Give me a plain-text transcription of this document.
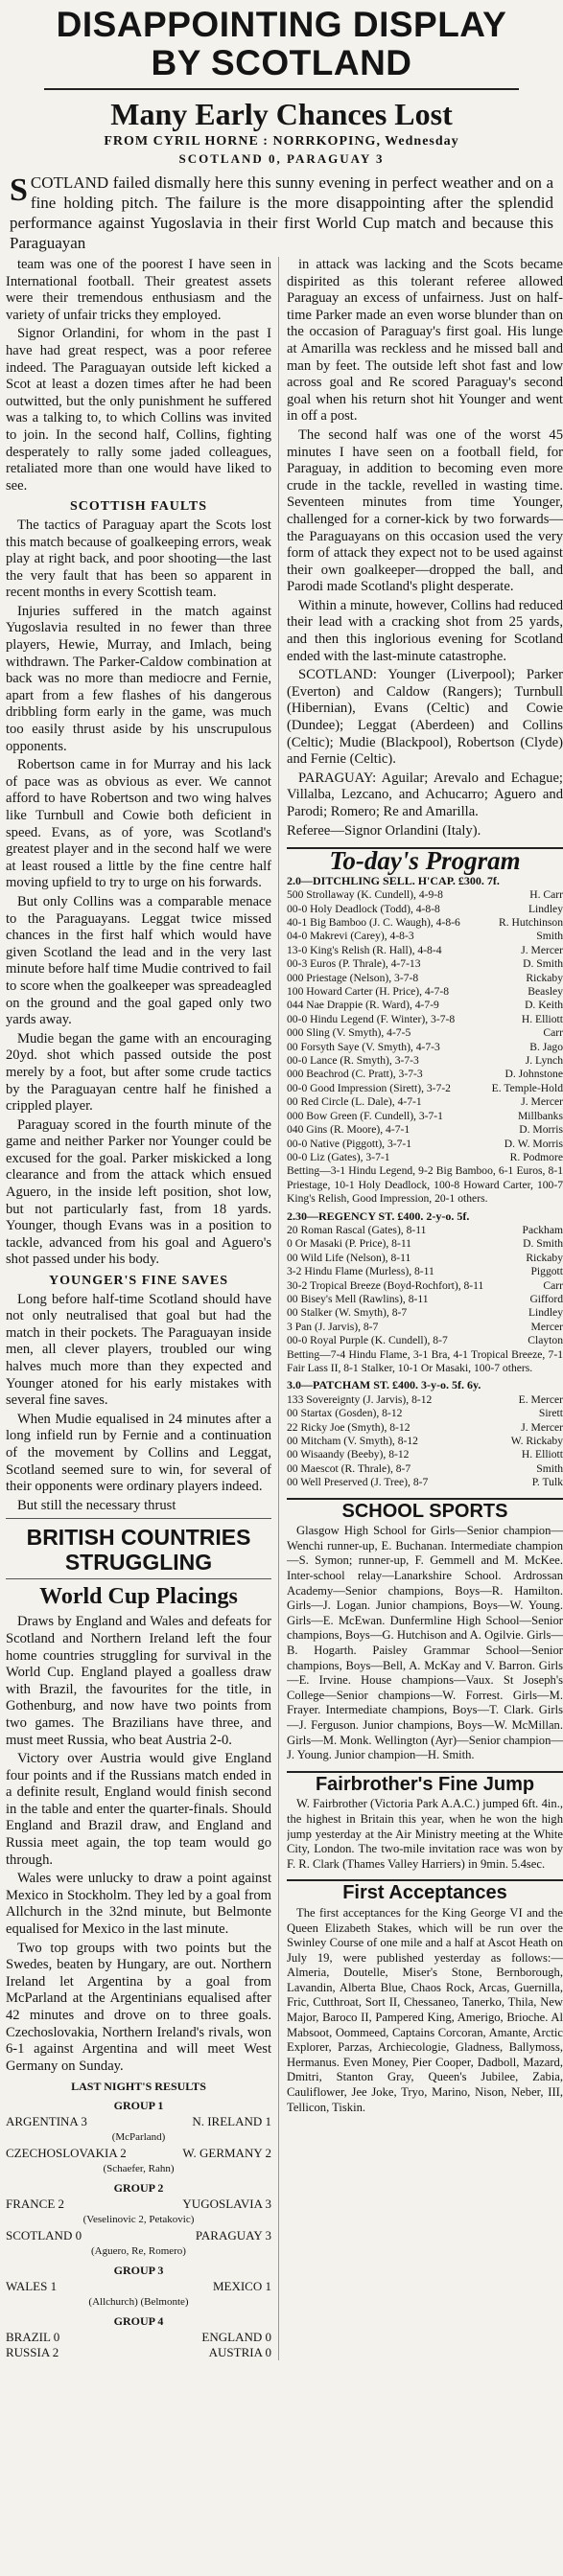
DISAPPOINTING DISPLAY
BY SCOTLAND
Many Early Chances Lost
FROM CYRIL HORNE : NORRKOPING, Wednesday
SCOTLAND 0, PARAGUAY 3
SCOTLAND failed dismally here this sunny evening in perfect weather and on a fine holding pitch. The failure is the more disappointing after the splendid performance against Yugoslavia in their first World Cup match and because this Paraguayan

team was one of the poorest I have seen in International football. Their greatest assets were their tremendous enthusiasm and the variety of unfair tricks they employed.

Signor Orlandini, for whom in the past I have had great respect, was a poor referee indeed. The Paraguayan outside left kicked a Scot at least a dozen times after he had been outwitted, but the only punishment he suffered was a talking to, to which Collins was invited to join. In the second half, Collins, fighting desperately to rally some jaded colleagues, retaliated more than one would have liked to see.

SCOTTISH FAULTS

The tactics of Paraguay apart the Scots lost this match because of goalkeeping errors, weak play at right back, and poor shooting—the last the very fault that has been so apparent in recent months in every Scottish team.

Injuries suffered in the match against Yugoslavia resulted in no fewer than three players, Hewie, Murray, and Imlach, being withdrawn. The Parker-Caldow combination at back was no more than mediocre and Fernie, apart from a few flashes of his dangerous dribbling form early in the game, was much too easily thrust aside by his unscrupulous opponents.

Robertson came in for Murray and his lack of pace was as obvious as ever. We cannot afford to have Robertson and two wing halves like Turnbull and Cowie both deficient in speed. Evans, as of yore, was Scotland's greatest player and in the second half we were at least roused a little by the fine centre half moving upfield to try to urge on his forwards.

But only Collins was a comparable menace to the Paraguayans. Leggat twice missed chances in the first half which would have given Scotland the lead and in the very last minute before half time Mudie contrived to fail to score when the goalkeeper was spreadeagled on the ground and the goal gaped only two yards away.

Mudie began the game with an encouraging 20yd. shot which passed outside the post merely by a foot, but after some crude tactics by the Paraguayan centre half he finished a crippled player.

Paraguay scored in the fourth minute of the game and neither Parker nor Younger could be excused for the goal. Parker miskicked a long clearance and from the attack which ensued Aguero, in the inside left position, shot low, but not particularly fast, from 18 yards. Younger, though Evans was in a position to tackle, advanced from his goal and Aguero's shot passed under his body.

YOUNGER'S FINE SAVES

Long before half-time Scotland should have not only neutralised that goal but had the match in their pockets. The Paraguayan inside men, all clever players, troubled our wing halves much more than they expected and Younger atoned for his early mistakes with several fine saves.

When Mudie equalised in 24 minutes after a long infield run by Fernie and a continuation of the movement by Collins and Leggat, Scotland seemed sure to win, for several of their opponents were ordinary players indeed.

But still the necessary thrust

BRITISH COUNTRIES STRUGGLING
World Cup Placings

Draws by England and Wales and defeats for Scotland and Northern Ireland left the four home countries struggling for survival in the World Cup. England played a goalless draw with Brazil, the favourites for the title, in Gothenburg, and now have two points from two games. The Brazilians have three, and must meet Russia, who beat Austria 2-0.

Victory over Austria would give England four points and if the Russians match ended in a definite result, England would finish second in the table and enter the quarter-finals. Should England and Brazil draw, and England and Russia meet again, the top team would go through.

Wales were unlucky to draw a point against Mexico in Stockholm. They led by a goal from Allchurch in the 32nd minute, but Belmonte equalised for Mexico in the last minute.

Two top groups with two points but the Swedes, beaten by Hungary, are out. Northern Ireland let Argentina by a goal from McParland at the Argentinians equalised after 42 minutes and drove on to three goals. Czechoslovakia, Northern Ireland's rivals, won 6-1 against Argentina and will meet West Germany on Sunday.

LAST NIGHT'S RESULTS
GROUP 1
ARGENTINA 3	N. IRELAND 1
(McParland)
CZECHOSLOVAKIA 2	W. GERMANY 2
(Schaefer, Rahn)
GROUP 2
FRANCE 2	YUGOSLAVIA 3
(Veselinovic 2, Petakovic)
SCOTLAND 0	PARAGUAY 3
(Aguero, Re, Romero)
GROUP 3
WALES 1	MEXICO 1
(Allchurch) (Belmonte)
GROUP 4
BRAZIL 0	ENGLAND 0
RUSSIA 2	AUSTRIA 0

in attack was lacking and the Scots became dispirited as this tolerant referee allowed Paraguay an excess of unfairness. Just on half-time Parker made an even worse blunder than on the occasion of Paraguay's first goal. His lunge at Amarilla was reckless and he missed ball and man by feet. The outside left shot fast and low across goal and Re scored Paraguay's second goal when his return shot hit Younger and went in off a post.

The second half was one of the worst 45 minutes I have seen on a football field, for Paraguay, in addition to becoming even more crude in the tackle, revelled in wasting time. Seventeen minutes from time Younger, challenged for a corner-kick by two forwards—the Paraguayans on this occasion used the very form of attack they expect not to be used against their own goalkeeper—dropped the ball, and Parodi made Scotland's plight desperate.

Within a minute, however, Collins had reduced their lead with a cracking shot from 25 yards, and then this inglorious evening for Scotland ended with the last-minute catastrophe.

SCOTLAND: Younger (Liverpool); Parker (Everton) and Caldow (Rangers); Turnbull (Hibernian), Evans (Celtic) and Cowie (Dundee); Leggat (Aberdeen) and Collins (Celtic); Mudie (Blackpool), Robertson (Clyde) and Fernie (Celtic).

PARAGUAY: Aguilar; Arevalo and Echague; Villalba, Lezcano, and Achucarro; Aguero and Parodi; Romero; Re and Amarilla.

Referee—Signor Orlandini (Italy).

To-day's Program
2.0—DITCHLING SELL. H'CAP. £300. 7f.
500 Strollaway (K. Cundell), 4-9-8	H. Carr
00-0 Holy Deadlock (Todd), 4-8-8	Lindley
40-1 Big Bamboo (J. C. Waugh), 4-8-6	R. Hutchinson
04-0 Makrevi (Carey), 4-8-3	Smith
13-0 King's Relish (R. Hall), 4-8-4	J. Mercer
00-3 Euros (P. Thrale), 4-7-13	D. Smith
000 Priestage (Nelson), 3-7-8	Rickaby
100 Howard Carter (H. Price), 4-7-8	Beasley
044 Nae Drappie (R. Ward), 4-7-9	D. Keith
00-0 Hindu Legend (F. Winter), 3-7-8	H. Elliott
000 Sling (V. Smyth), 4-7-5	Carr
00 Forsyth Saye (V. Smyth), 4-7-3	B. Jago
00-0 Lance (R. Smyth), 3-7-3	J. Lynch
000 Beachrod (C. Pratt), 3-7-3	D. Johnstone
00-0 Good Impression (Sirett), 3-7-2	E. Temple-Hold
00 Red Circle (L. Dale), 4-7-1	J. Mercer
000 Bow Green (F. Cundell), 3-7-1	Millbanks
040 Gins (R. Moore), 4-7-1	D. Morris
00-0 Native (Piggott), 3-7-1	D. W. Morris
00-0 Liz (Gates), 3-7-1	R. Podmore
Betting—3-1 Hindu Legend, 9-2 Big Bamboo, 6-1 Euros, 8-1 Priestage, 10-1 Holy Deadlock, 100-8 Howard Carter, 100-7 King's Relish, Good Impression, 20-1 others.
2.30—REGENCY ST. £400. 2-y-o. 5f.
20 Roman Rascal (Gates), 8-11	Packham
0 Or Masaki (P. Price), 8-11	D. Smith
00 Wild Life (Nelson), 8-11	Rickaby
3-2 Hindu Flame (Murless), 8-11	Piggott
30-2 Tropical Breeze (Boyd-Rochfort), 8-11	Carr
00 Bisey's Mell (Rawlins), 8-11	Gifford
00 Stalker (W. Smyth), 8-7	Lindley
3 Pan (J. Jarvis), 8-7	Mercer
00-0 Royal Purple (K. Cundell), 8-7	Clayton
Betting—7-4 Hindu Flame, 3-1 Bra, 4-1 Tropical Breeze, 7-1 Fair Lass II, 8-1 Stalker, 10-1 Or Masaki, 100-7 others.
3.0—PATCHAM ST. £400. 3-y-o. 5f. 6y.
133 Sovereignty (J. Jarvis), 8-12	E. Mercer
00 Startax (Gosden), 8-12	Sirett
22 Ricky Joe (Smyth), 8-12	J. Mercer
00 Mitcham (V. Smyth), 8-12	W. Rickaby
00 Wisaandy (Beeby), 8-12	H. Elliott
00 Maescot (R. Thrale), 8-7	Smith
00 Well Preserved (J. Tree), 8-7	P. Tulk
SCHOOL SPORTS

Glasgow High School for Girls—Senior champion—Wenchi runner-up, E. Buchanan. Intermediate champion—S. Symon; runner-up, F. Gemmell and M. McKee. Inter-school relay—Lanarkshire School. Ardrossan Academy—Senior champions, Boys—R. Hamilton. Girls—J. Logan. Junior champions, Boys—W. Young. Girls—E. McEwan. Dunfermline High School—Senior champions, Boys—G. Hutchison and A. Ogilvie. Girls—B. Hogarth. Paisley Grammar School—Senior champions, Boys—Bell, A. McKay and V. Barron. Girls—E. Irvine. House champions—Vaux. St Joseph's College—Senior champions—W. Forrest. Girls—M. Frayer. Intermediate champions, Boys—T. Clark. Girls—J. Ferguson. Junior champions, Boys—W. McMillan. Girls—M. Monk. Wellington (Ayr)—Senior champion—J. Young. Junior champion—H. Smith.

Fairbrother's Fine Jump

W. Fairbrother (Victoria Park A.A.C.) jumped 6ft. 4in., the highest in Britain this year, when he won the high jump yesterday at the Air Ministry meeting at the White City, London. The two-mile invitation race was won by F. R. Clark (Thames Valley Harriers) in 9min. 5.4sec.

First Acceptances

The first acceptances for the King George VI and the Queen Elizabeth Stakes, which will be run over the Swinley Course of one mile and a half at Ascot Heath on July 19, were published yesterday as follows:— Almeria, Doutelle, Miser's Stone, Bernborough, Lavandin, Alberta Blue, Chaos Rock, Arcas, Guernilla, Fric, Cutthroat, Sort II, Chessaneo, Tanerko, Thila, New Major, Baroco II, Pampered King, Amerigo, Brioche. Al Mabsoot, Oommeed, Captains Corcoran, Amante, Arctic Explorer, Parzas, Archiecologie, Gladness, Ballymoss, Hermanus. Even Money, Pier Cooper, Dadboll, Mazard, Dmitri, Stanton Gray, Queen's Jubilee, Zabia, Cauliflower, Jee Joke, Tryo, Marino, Nison, Neber, III, Tellicon, Tiskin.
